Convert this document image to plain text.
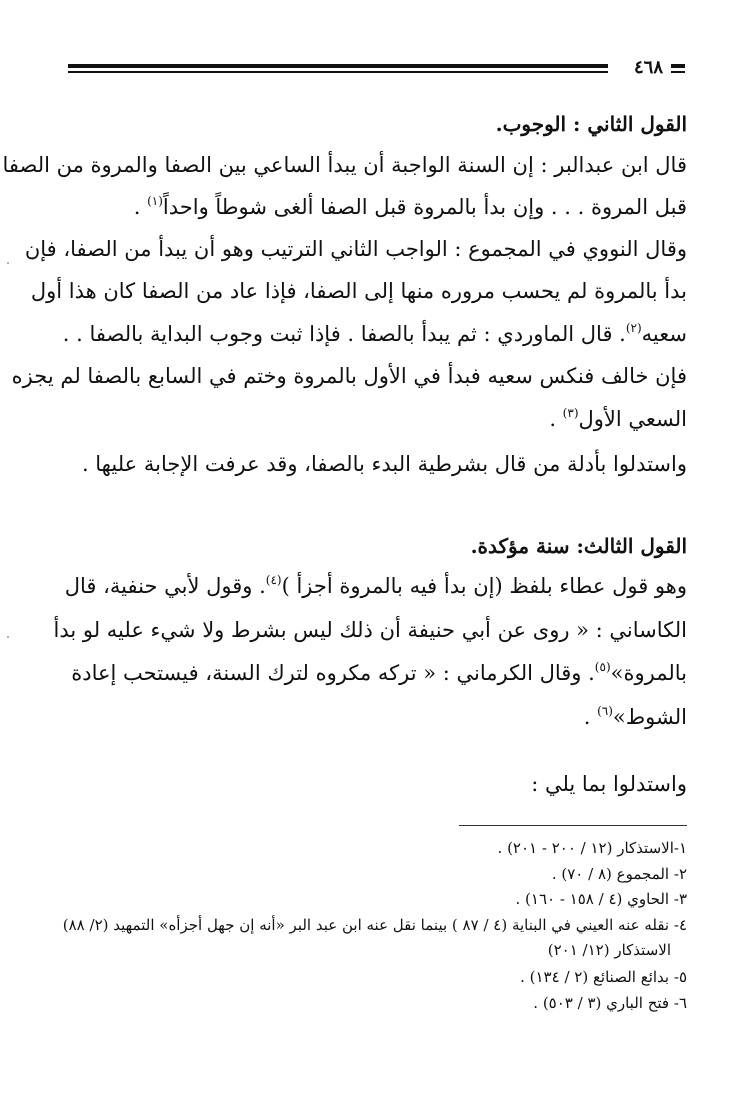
٤٦٨
القول الثاني : الوجوب.
قال ابن عبدالبر : إن السنة الواجبة أن يبدأ الساعي بين الصفا والمروة من الصفا
قبل المروة . . . وإن بدأ بالمروة قبل الصفا ألغى شوطاً واحداً$^{(١)}$ .
وقال النووي في المجموع : الواجب الثاني الترتيب وهو أن يبدأ من الصفا، فإن
بدأ بالمروة لم يحسب مروره منها إلى الصفا، فإذا عاد من الصفا كان هذا أول
سعيه$^{(٢)}$. قال الماوردي : ثم يبدأ بالصفا . فإذا ثبت وجوب البداية بالصفا . .
فإن خالف فنكس سعيه فبدأ في الأول بالمروة وختم في السابع بالصفا لم يجزه
السعي الأول$^{(٣)}$ .
واستدلوا بأدلة من قال بشرطية البدء بالصفا، وقد عرفت الإجابة عليها .
القول الثالث: سنة مؤكدة.
وهو قول عطاء بلفظ (إن بدأ فيه بالمروة أجزأ )$^{(٤)}$. وقول لأبي حنفية، قال
الكاساني : « روى عن أبي حنيفة أن ذلك ليس بشرط ولا شيء عليه لو بدأ
بالمروة»$^{(٥)}$. وقال الكرماني : « تركه مكروه لترك السنة، فيستحب إعادة
الشوط»$^{(٦)}$ .
واستدلوا بما يلي :
١-الاستذكار (١٢ / ٢٠٠ - ٢٠١) .
٢- المجموع (٨ / ٧٠) .
٣- الحاوي (٤ / ١٥٨ - ١٦٠) .
٤- نقله عنه العيني في البناية (٤ / ٨٧ ) بينما نقل عنه ابن عبد البر «أنه إن جهل أجزأه» التمهيد (٢/ ٨٨)
الاستذكار (١٢/ ٢٠١)
٥- بدائع الصنائع (٢ / ١٣٤) .
٦- فتح الباري (٣ / ٥٠٣) .
